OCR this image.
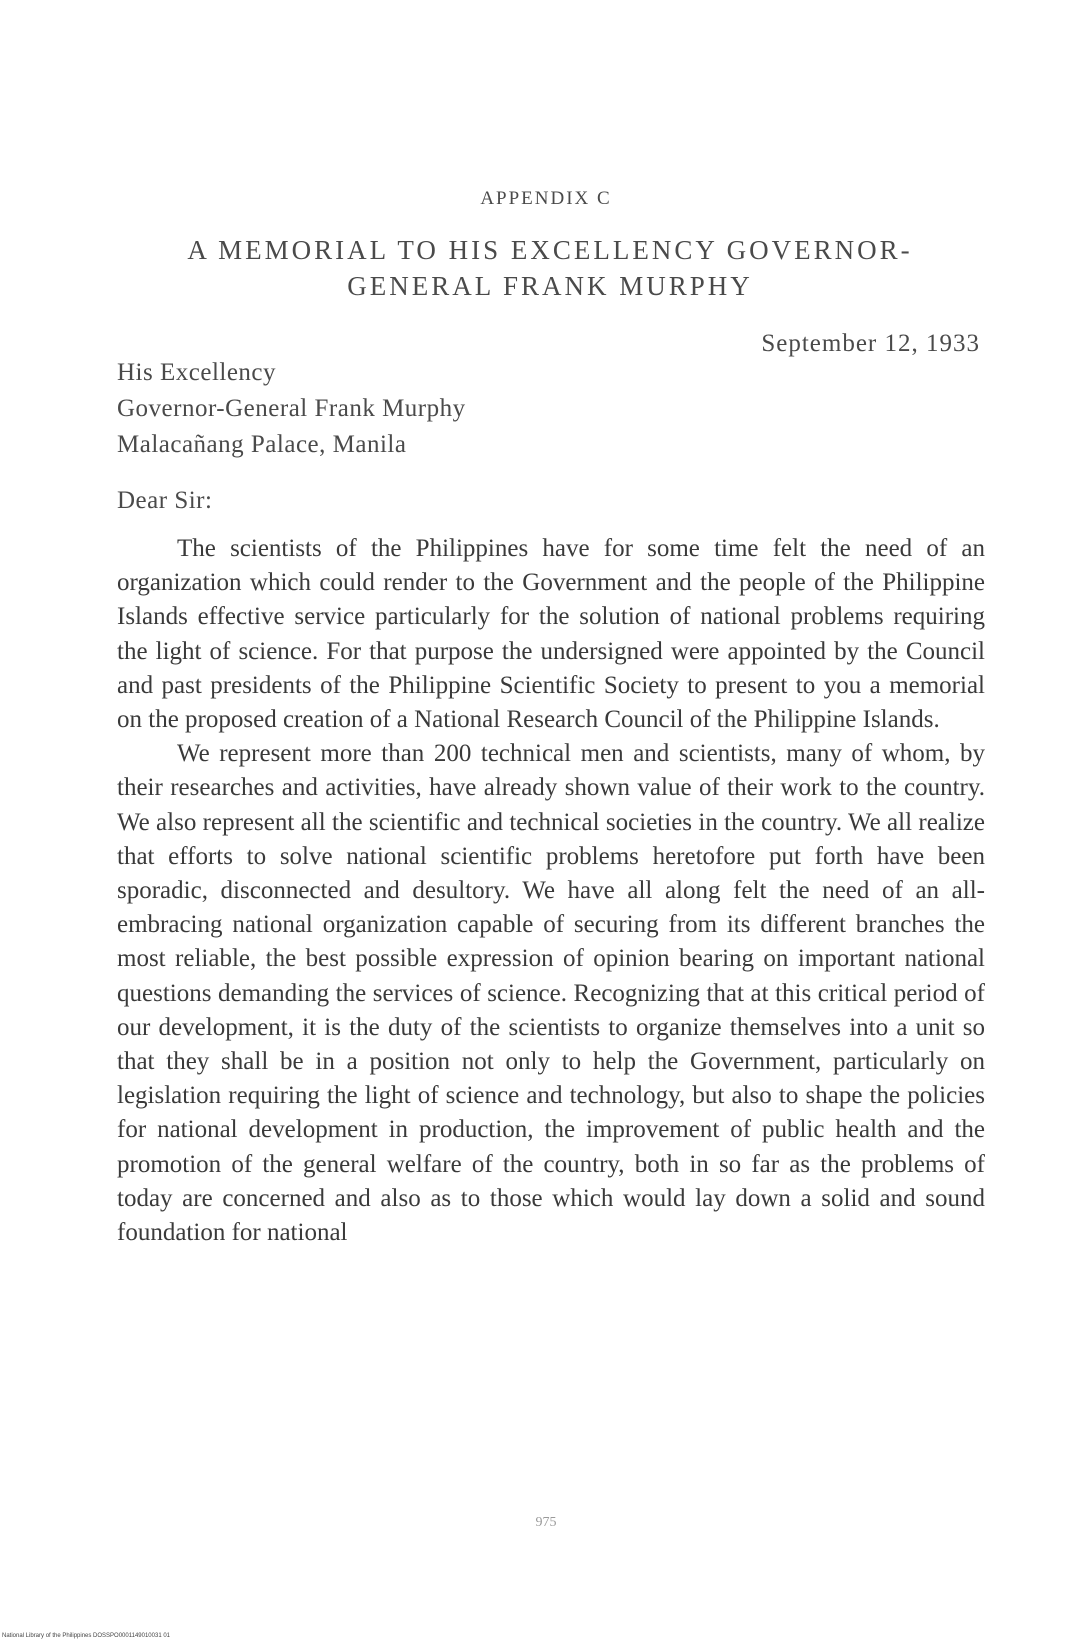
APPENDIX C
A MEMORIAL TO HIS EXCELLENCY GOVERNOR-
GENERAL FRANK MURPHY
September 12, 1933
His Excellency
Governor-General Frank Murphy
Malacañang Palace, Manila
Dear Sir:

The scientists of the Philippines have for some time felt the need of an organization which could render to the Government and the people of the Philippine Islands effective service particularly for the solution of national problems requiring the light of science. For that purpose the undersigned were appointed by the Council and past presidents of the Philippine Scientific Society to present to you a memorial on the proposed creation of a National Research Council of the Philippine Islands.

We represent more than 200 technical men and scientists, many of whom, by their researches and activities, have already shown value of their work to the country. We also represent all the scientific and technical societies in the country. We all realize that efforts to solve national scientific problems heretofore put forth have been sporadic, disconnected and desultory. We have all along felt the need of an all-embracing national organization capable of securing from its different branches the most reliable, the best possible expression of opinion bearing on important national questions demanding the services of science. Recognizing that at this critical period of our development, it is the duty of the scientists to organize themselves into a unit so that they shall be in a position not only to help the Government, particularly on legislation requiring the light of science and technology, but also to shape the policies for national development in production, the improvement of public health and the promotion of the general welfare of the country, both in so far as the problems of today are concerned and also as to those which would lay down a solid and sound foundation for national

975
National Library of the Philippines DOSSPO0001149010031 01
